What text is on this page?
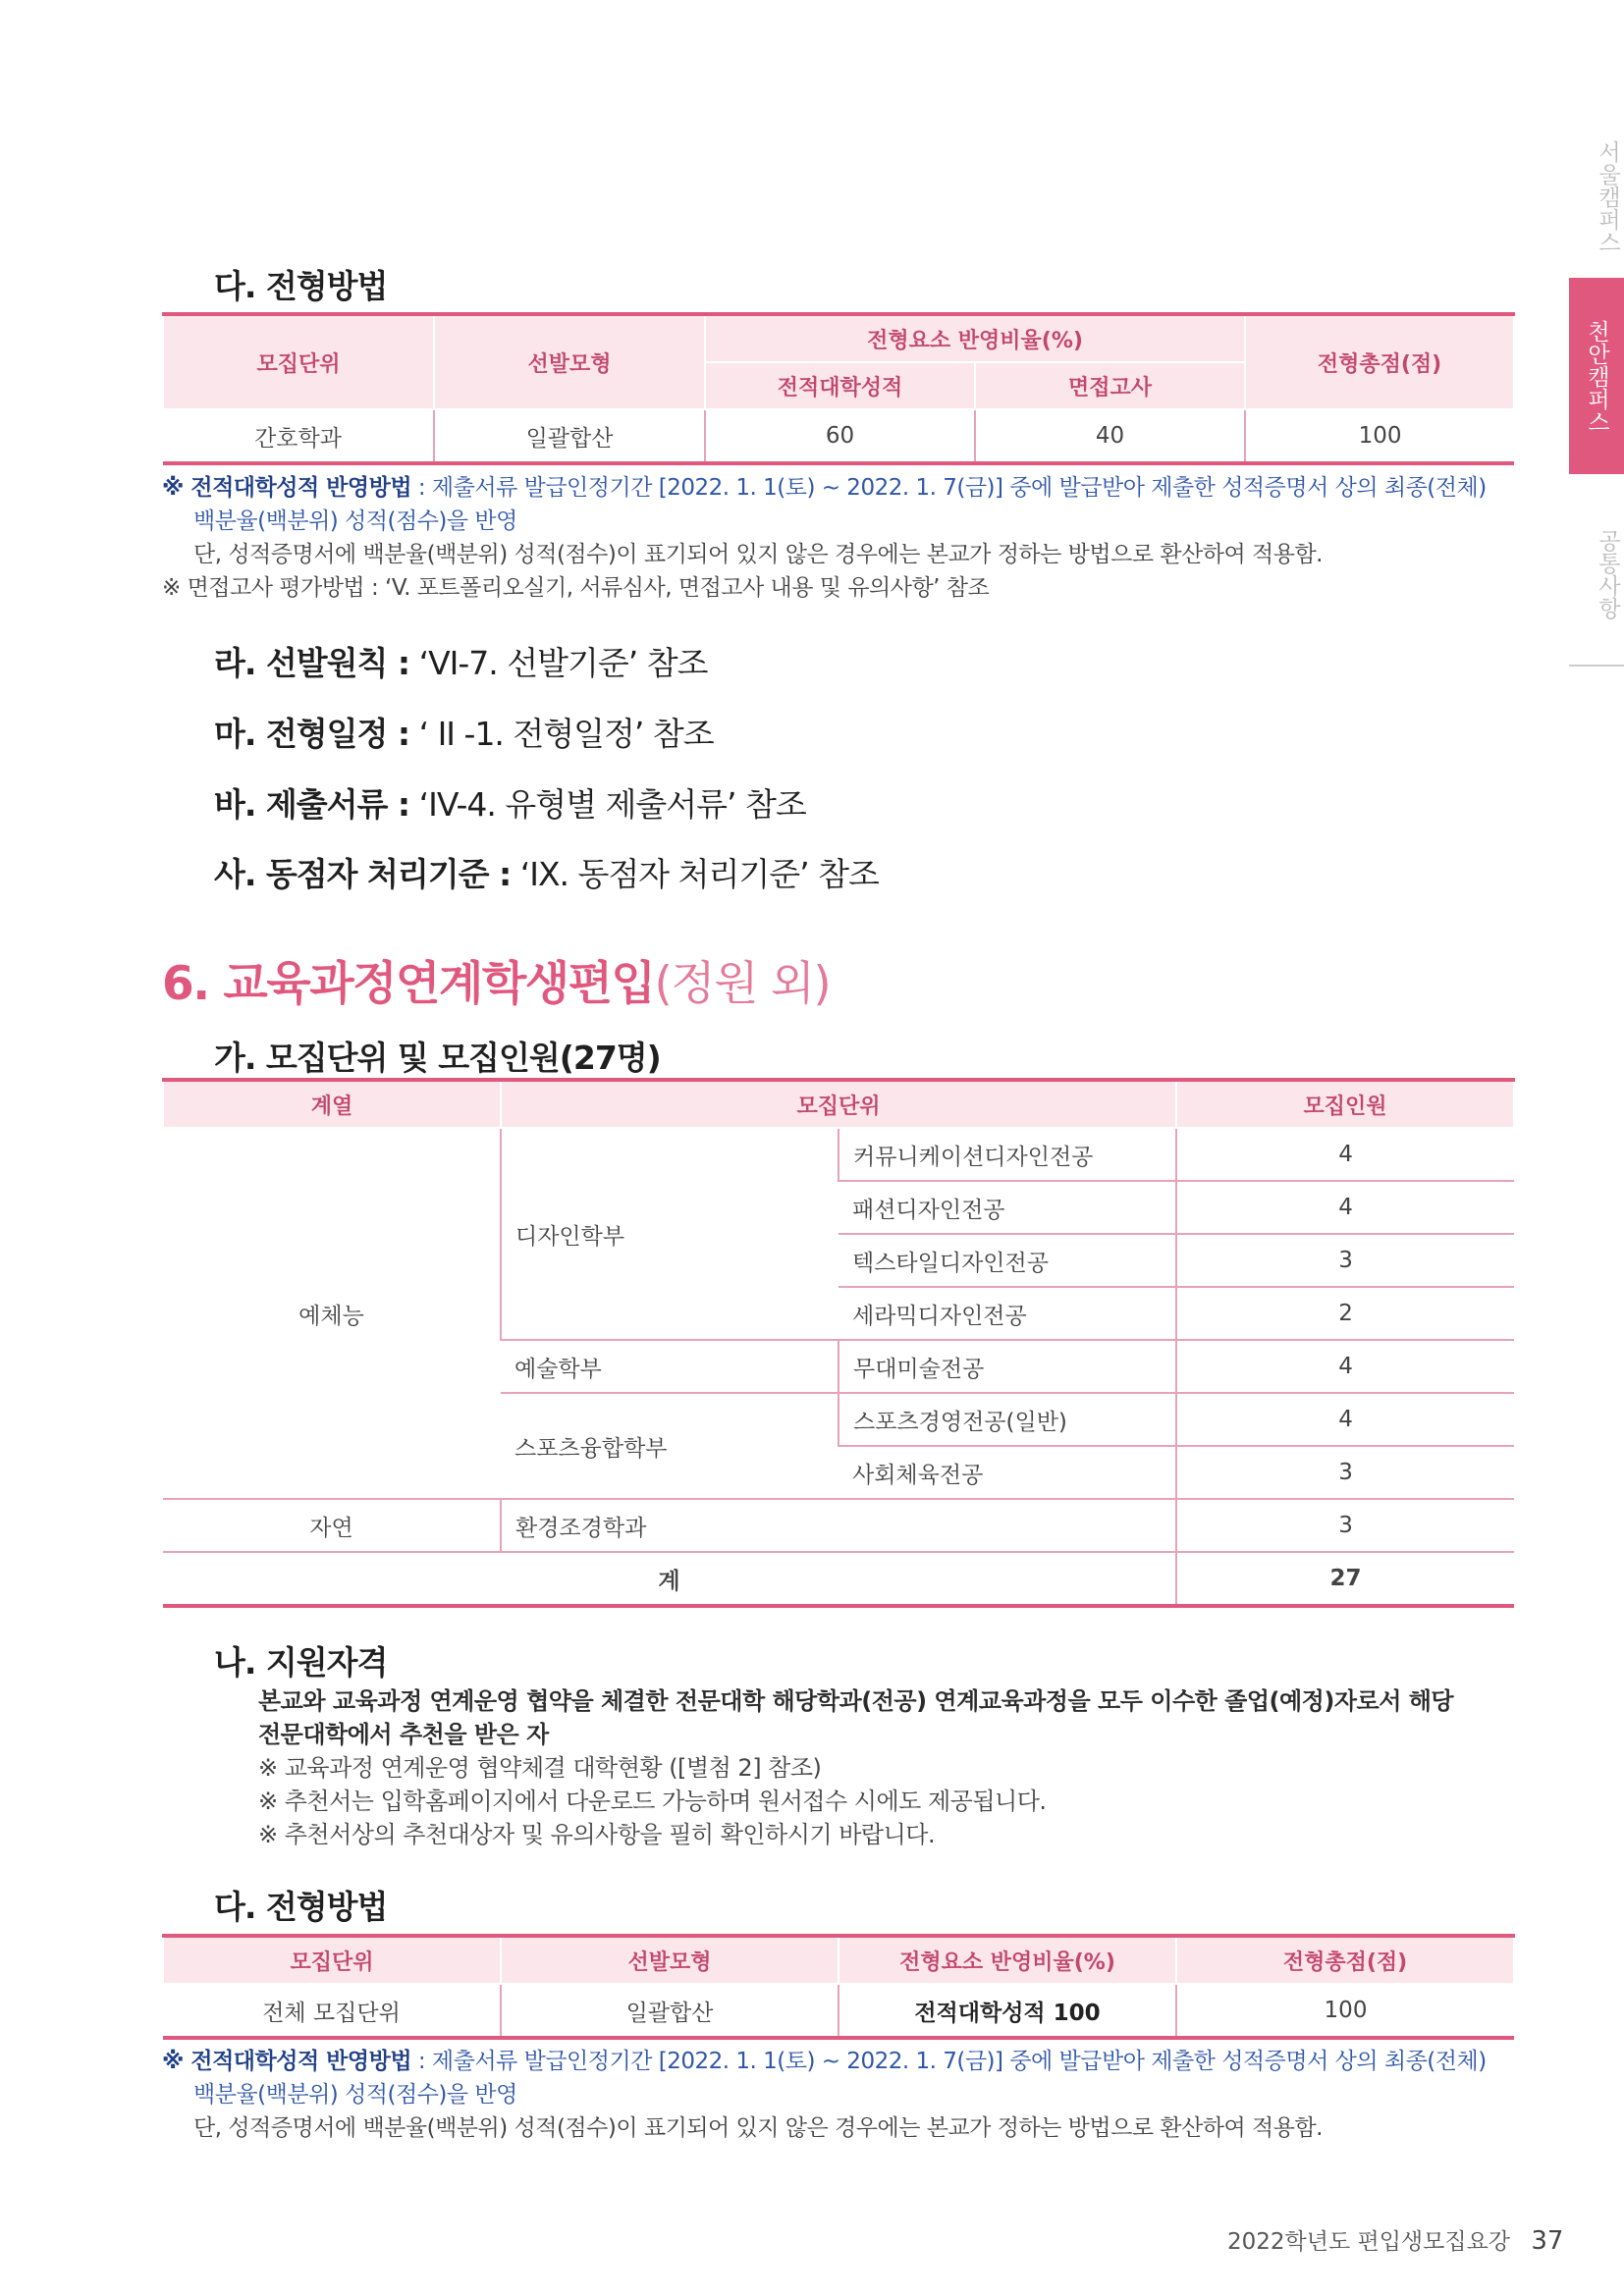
서울캠퍼스
천안캠퍼스
공통사항
다. 전형방법
모집단위	선발모형	전형요소 반영비율(%)		전형총점(점)
		전적대학성적	면접고사	
간호학과	일괄합산	60	40	100
※ 전적대학성적 반영방법 : 제출서류 발급인정기간 [2022. 1. 1(토) ~ 2022. 1. 7(금)] 중에 발급받아 제출한 성적증명서 상의 최종(전체)
백분율(백분위) 성적(점수)을 반영
단, 성적증명서에 백분율(백분위) 성적(점수)이 표기되어 있지 않은 경우에는 본교가 정하는 방법으로 환산하여 적용함.
※ 면접고사 평가방법 : ‘V. 포트폴리오실기, 서류심사, 면접고사 내용 및 유의사항’ 참조

라. 선발원칙 : ‘VI-7. 선발기준’ 참조

마. 전형일정 : ‘ II -1. 전형일정’ 참조

바. 제출서류 : ‘IV-4. 유형별 제출서류’ 참조

사. 동점자 처리기준 : ‘IX. 동점자 처리기준’ 참조

6. 교육과정연계학생편입(정원 외)
가. 모집단위 및 모집인원(27명)
계열	모집단위		모집인원
예체능	디자인학부	커뮤니케이션디자인전공	4
		패션디자인전공	4
		텍스타일디자인전공	3
		세라믹디자인전공	2
	예술학부	무대미술전공	4
	스포츠융합학부	스포츠경영전공(일반)	4
		사회체육전공	3
자연	환경조경학과		3
계			27
나. 지원자격
본교와 교육과정 연계운영 협약을 체결한 전문대학 해당학과(전공) 연계교육과정을 모두 이수한 졸업(예정)자로서 해당
전문대학에서 추천을 받은 자
※ 교육과정 연계운영 협약체결 대학현황 ([별첨 2] 참조)
※ 추천서는 입학홈페이지에서 다운로드 가능하며 원서접수 시에도 제공됩니다.
※ 추천서상의 추천대상자 및 유의사항을 필히 확인하시기 바랍니다.
다. 전형방법
모집단위	선발모형	전형요소 반영비율(%)	전형총점(점)
전체 모집단위	일괄합산	전적대학성적 100	100
※ 전적대학성적 반영방법 : 제출서류 발급인정기간 [2022. 1. 1(토) ~ 2022. 1. 7(금)] 중에 발급받아 제출한 성적증명서 상의 최종(전체)
백분율(백분위) 성적(점수)을 반영
단, 성적증명서에 백분율(백분위) 성적(점수)이 표기되어 있지 않은 경우에는 본교가 정하는 방법으로 환산하여 적용함.
2022학년도 편입생모집요강 37
